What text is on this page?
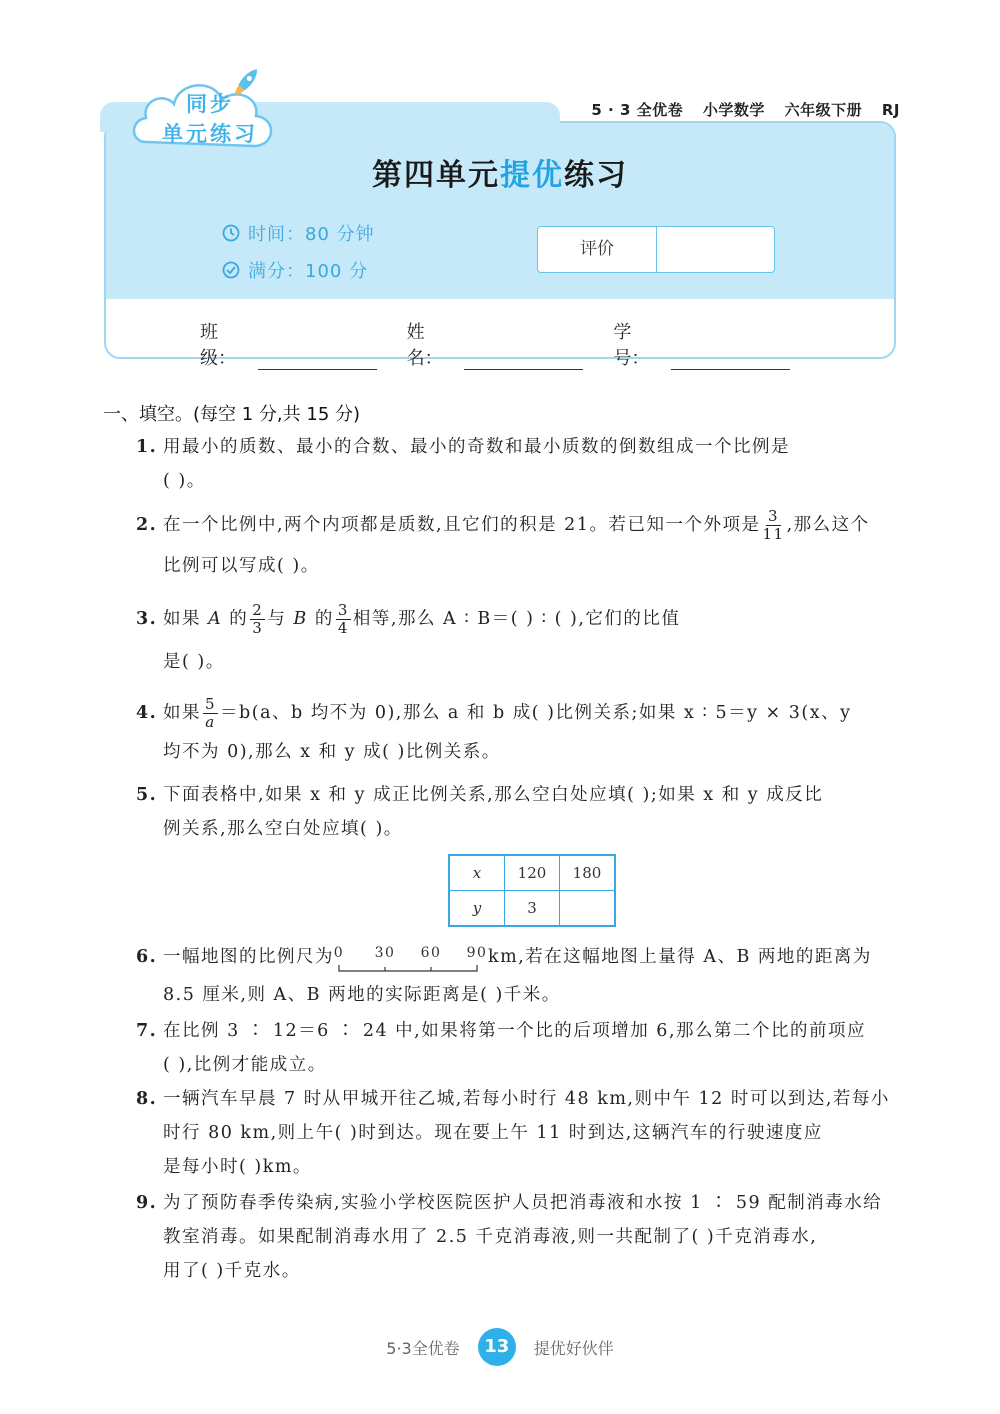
5 · 3 全优卷 小学数学 六年级下册 RJ
同步
单元练习
第四单元提优练习
时间：80 分钟
满分：100 分
评价
班级：
姓名：
学号：
一、填空。(每空 1 分,共 15 分)
1. 用最小的质数、最小的合数、最小的奇数和最小质数的倒数组成一个比例是
( )。
2. 在一个比例中,两个内项都是质数,且它们的积是 21。若已知一个外项是 $\frac{3}{11}$ ,那么这个
比例可以写成( )。
3. 如果 A 的 $\frac{2}{3}$ 与 B 的 $\frac{3}{4}$ 相等,那么 A ∶ B＝( ) ∶ ( ),它们的比值
是( )。
4. 如果 $\frac{5}{a} =b(a$、b 均不为 0),那么 a 和 b 成( )比例关系;如果 x ∶ 5＝y × 3(x、y
均不为 0),那么 x 和 y 成( )比例关系。
5. 下面表格中,如果 x 和 y 成正比例关系,那么空白处应填( );如果 x 和 y 成反比
例关系,那么空白处应填( )。
x	120	180
y	3	
6. 一幅地图的比例尺为 0 30 60 90 km,若在这幅地图上量得 A、B 两地的距离为
8.5 厘米,则 A、B 两地的实际距离是( )千米。
7. 在比例 3 ∶ 12＝6 ∶ 24 中,如果将第一个比的后项增加 6,那么第二个比的前项应
( ),比例才能成立。
8. 一辆汽车早晨 7 时从甲城开往乙城,若每小时行 48 km,则中午 12 时可以到达,若每小
时行 80 km,则上午( )时到达。现在要上午 11 时到达,这辆汽车的行驶速度应
是每小时( )km。
9. 为了预防春季传染病,实验小学校医院医护人员把消毒液和水按 1 ∶ 59 配制消毒水给
教室消毒。如果配制消毒水用了 2.5 千克消毒液,则一共配制了( )千克消毒水,
用了( )千克水。
5·3全优卷	13	提优好伙伴
